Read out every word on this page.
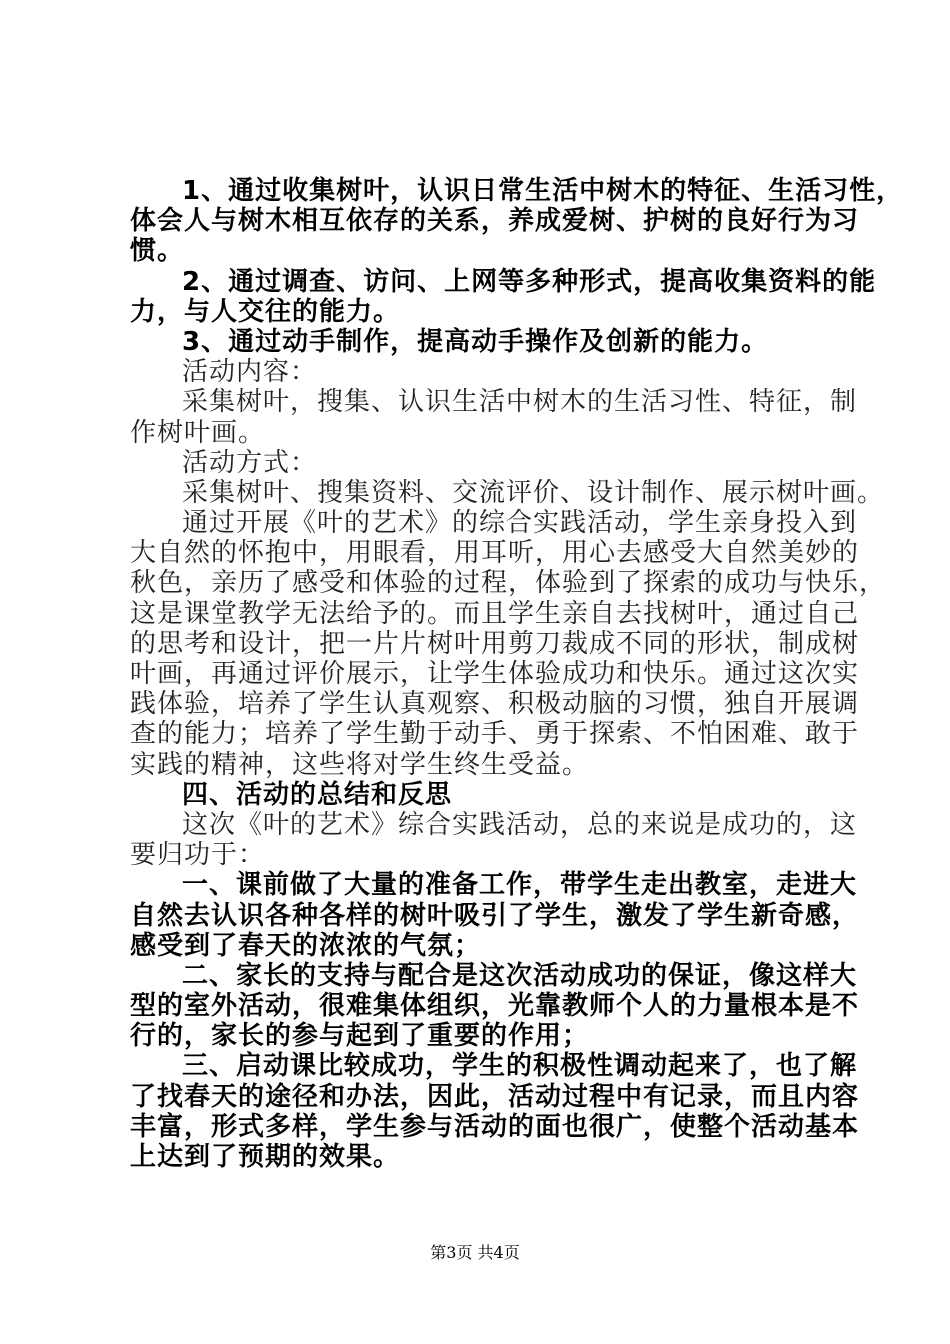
1、通过收集树叶，认识日常生活中树木的特征、生活习性，
体会人与树木相互依存的关系，养成爱树、护树的良好行为习
惯。
2、通过调查、访问、上网等多种形式，提高收集资料的能
力，与人交往的能力。
3、通过动手制作，提高动手操作及创新的能力。
活动内容：
采集树叶，搜集、认识生活中树木的生活习性、特征，制
作树叶画。
活动方式：
采集树叶、搜集资料、交流评价、设计制作、展示树叶画。
通过开展《叶的艺术》的综合实践活动，学生亲身投入到
大自然的怀抱中，用眼看，用耳听，用心去感受大自然美妙的
秋色，亲历了感受和体验的过程，体验到了探索的成功与快乐，
这是课堂教学无法给予的。而且学生亲自去找树叶，通过自己
的思考和设计，把一片片树叶用剪刀裁成不同的形状，制成树
叶画，再通过评价展示，让学生体验成功和快乐。通过这次实
践体验，培养了学生认真观察、积极动脑的习惯，独自开展调
查的能力；培养了学生勤于动手、勇于探索、不怕困难、敢于
实践的精神，这些将对学生终生受益。
四、活动的总结和反思
这次《叶的艺术》综合实践活动，总的来说是成功的，这
要归功于：
一、课前做了大量的准备工作，带学生走出教室，走进大
自然去认识各种各样的树叶吸引了学生，激发了学生新奇感，
感受到了春天的浓浓的气氛；
二、家长的支持与配合是这次活动成功的保证，像这样大
型的室外活动，很难集体组织，光靠教师个人的力量根本是不
行的，家长的参与起到了重要的作用；
三、启动课比较成功，学生的积极性调动起来了，也了解
了找春天的途径和办法，因此，活动过程中有记录，而且内容
丰富，形式多样，学生参与活动的面也很广，使整个活动基本
上达到了预期的效果。
第3页 共4页
